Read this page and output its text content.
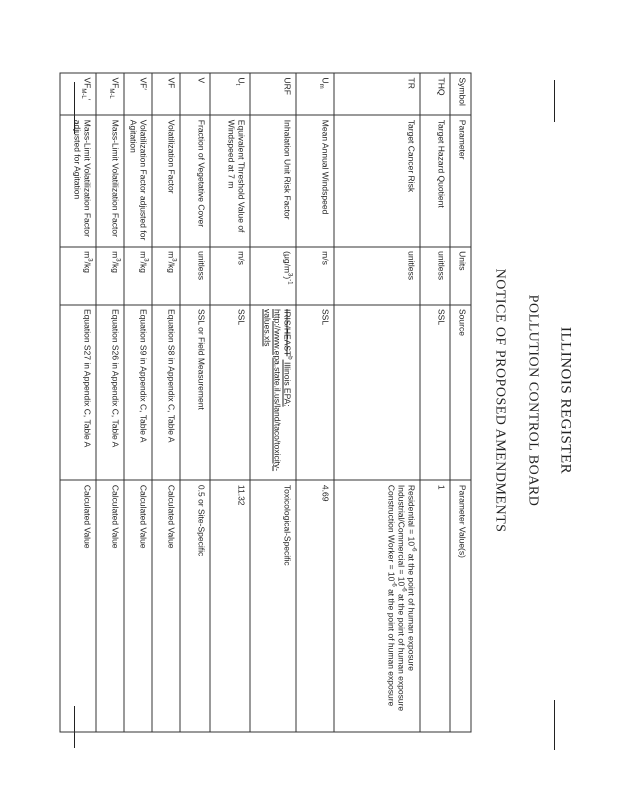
ILLINOIS REGISTER
POLLUTION CONTROL BOARD
NOTICE OF PROPOSED AMENDMENTS
Symbol	Parameter	Units	Source	Parameter Value(s)
THQ	Target Hazard Quotient	unitless	SSL	1
TR	Target Cancer Risk	unitless		Residential = $10^{-6}$ at the point of human exposure
Industrial/Commercial = $10^{-6}$ at the point of human exposure
Construction Worker = $10^{-6}$ at the point of human exposure

$U_m$	Mean Annual Windspeed	m/s	SSL	4.69
URF	Inhalation Unit Risk Factor	$(\mu g/m^3)^{-1}$	IRIS/HEAST$^b$ Illinois EPA: http://www.epa.state.il.us/land/taco/toxicity-values.xls	Toxicological-Specific
$U_t$	Equivalent Threshold Value of Windspeed at 7 m	m/s	SSL	11.32
V	Fraction of Vegetative Cover	unitless	SSL or Field Measurement	0.5 or Site-Specific
VF	Volatilization Factor	$m^3/kg$	Equation S8 in Appendix C, Table A	Calculated Value
VF′	Volatilization Factor adjusted for Agitation	$m^3/kg$	Equation S9 in Appendix C, Table A	Calculated Value
$VF_{M-L}$	Mass-Limit Volatilization Factor	$m^3/kg$	Equation S26 in Appendix C, Table A	Calculated Value
$VF_{M-L}'$	Mass-Limit Volatilization Factor adjusted for Agitation	$m^3/kg$	Equation S27 in Appendix C, Table A	Calculated Value
